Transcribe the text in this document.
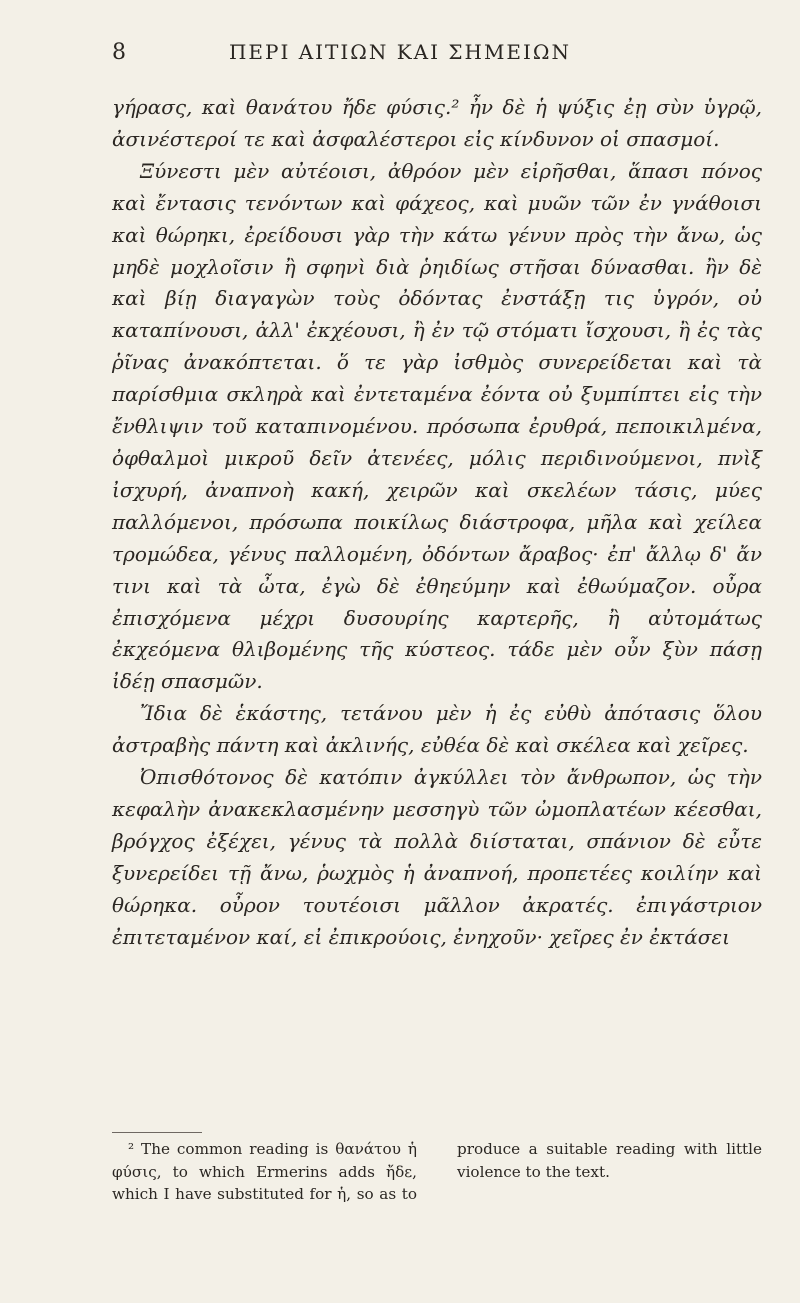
8	ΠΕΡΙ ΑΙΤΙΩΝ ΚΑΙ ΣΗΜΕΙΩΝ

γήρασς, καὶ θανάτου ἤδε φύσις.² ἦν δὲ ἡ ψύξις ἐῃ σὺν ὑγρῷ, ἀσινέστεροί τε καὶ ἀσφαλέστεροι εἰς κίνδυνον οἱ σπασμοί.

Ξύνεστι μὲν αὐτέοισι, ἀθρόον μὲν εἰρῆσθαι, ἅπασι πόνος καὶ ἔντασις τενόντων καὶ φάχεος, καὶ μυῶν τῶν ἐν γνάθοισι καὶ θώρηκι, ἐρείδουσι γὰρ τὴν κάτω γένυν πρὸς τὴν ἄνω, ὡς μηδὲ μοχλοῖσιν ἢ σφηνὶ διὰ ῥηιδίως στῆσαι δύνασθαι. ἢν δὲ καὶ βίῃ διαγαγὼν τοὺς ὀδόντας ἐνστάξῃ τις ὑγρόν, οὐ καταπίνουσι, ἀλλ' ἐκχέουσι, ἢ ἐν τῷ στόματι ἴσχουσι, ἢ ἐς τὰς ῥῖνας ἀνακόπτεται. ὅ τε γὰρ ἰσθμὸς συνερείδεται καὶ τὰ παρίσθμια σκληρὰ καὶ ἐντεταμένα ἐόντα οὐ ξυμπίπτει εἰς τὴν ἔνθλιψιν τοῦ καταπινομένου. πρόσωπα ἐρυθρά, πεποικιλμένα, ὀφθαλμοὶ μικροῦ δεῖν ἀτενέες, μόλις περιδινούμενοι, πνὶξ ἰσχυρή, ἀναπνοὴ κακή, χειρῶν καὶ σκελέων τάσις, μύες παλλόμενοι, πρόσωπα ποικίλως διάστροφα, μῆλα καὶ χείλεα τρομώδεα, γένυς παλλομένη, ὀδόντων ἄραβος· ἐπ' ἄλλῳ δ' ἄν τινι καὶ τὰ ὦτα, ἐγὼ δὲ ἐθηεύμην καὶ ἐθωύμαζον. οὖρα ἐπισχόμενα μέχρι δυσουρίης καρτερῆς, ἢ αὐτομάτως ἐκχεόμενα θλιβομένης τῆς κύστεος. τάδε μὲν οὖν ξὺν πάσῃ ἰδέῃ σπασμῶν.

Ἴδια δὲ ἑκάστης, τετάνου μὲν ἡ ἐς εὐθὺ ἀπότασις ὅλου ἀστραβὴς πάντη καὶ ἀκλινής, εὐθέα δὲ καὶ σκέλεα καὶ χεῖρες.

Ὀπισθότονος δὲ κατόπιν ἀγκύλλει τὸν ἄνθρωπον, ὡς τὴν κεφαλὴν ἀνακεκλασμένην μεσσηγὺ τῶν ὠμοπλατέων κέεσθαι, βρόγχος ἐξέχει, γένυς τὰ πολλὰ διίσταται, σπάνιον δὲ εὖτε ξυνερείδει τῇ ἄνω, ῥωχμὸς ἡ ἀναπνοή, προπετέες κοιλίην καὶ θώρηκα. οὖρον τουτέοισι μᾶλλον ἀκρατές. ἐπιγάστριον ἐπιτεταμένον καί, εἰ ἐπικρούοις, ἐνηχοῦν· χεῖρες ἐν ἐκτάσει

² The common reading is θανάτου ἡ φύσις, to which Ermerins adds ἤδε, which I have substituted for ἡ, so as to produce a suitable reading with little violence to the text.
